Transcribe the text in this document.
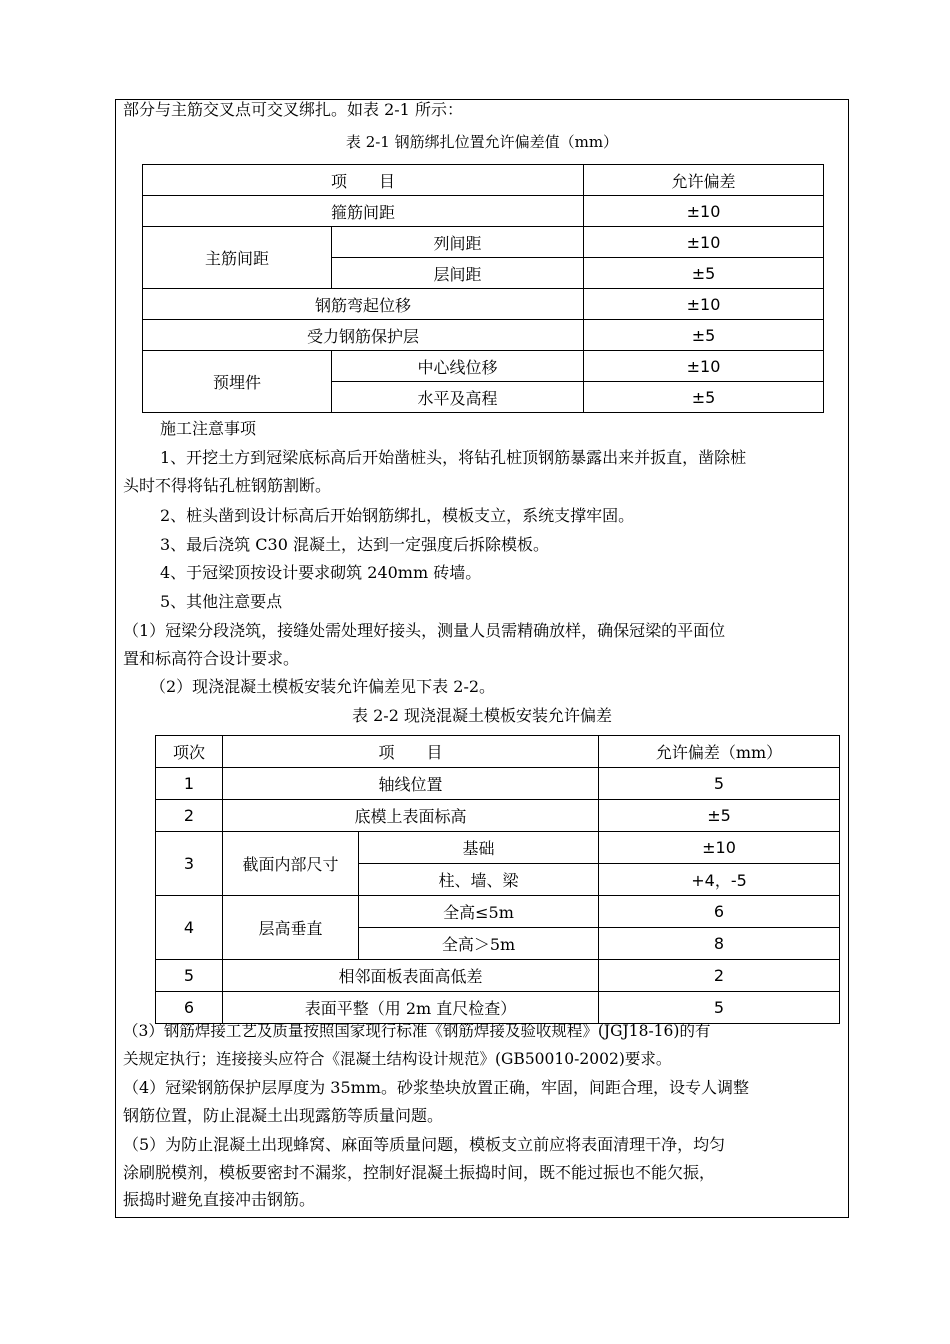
部分与主筋交叉点可交叉绑扎。如表 2-1 所示：
表 2-1 钢筋绑扎位置允许偏差值（mm）
项　　目		允许偏差
箍筋间距		±10
主筋间距	列间距	±10
	层间距	±5
钢筋弯起位移		±10
受力钢筋保护层		±5
预埋件	中心线位移	±10
	水平及高程	±5
施工注意事项
1、开挖土方到冠梁底标高后开始凿桩头，将钻孔桩顶钢筋暴露出来并扳直，凿除桩
头时不得将钻孔桩钢筋割断。
2、桩头凿到设计标高后开始钢筋绑扎，模板支立，系统支撑牢固。
3、最后浇筑 C30 混凝土，达到一定强度后拆除模板。
4、于冠梁顶按设计要求砌筑 240mm 砖墙。
5、其他注意要点
（1）冠梁分段浇筑，接缝处需处理好接头，测量人员需精确放样，确保冠梁的平面位
置和标高符合设计要求。
（2）现浇混凝土模板安装允许偏差见下表 2-2。
表 2-2 现浇混凝土模板安装允许偏差
项次	项　　目		允许偏差（mm）
1	轴线位置		5
2	底模上表面标高		±5
3	截面内部尺寸	基础	±10
		柱、墙、梁	+4，-5
4	层高垂直	全高≤5m	6
		全高＞5m	8
5	相邻面板表面高低差		2
6	表面平整（用 2m 直尺检查）		5
（3）钢筋焊接工艺及质量按照国家现行标准《钢筋焊接及验收规程》(JGJ18-16)的有
关规定执行；连接接头应符合《混凝土结构设计规范》(GB50010-2002)要求。
（4）冠梁钢筋保护层厚度为 35mm。砂浆垫块放置正确，牢固，间距合理，设专人调整
钢筋位置，防止混凝土出现露筋等质量问题。
（5）为防止混凝土出现蜂窝、麻面等质量问题，模板支立前应将表面清理干净，均匀
涂刷脱模剂，模板要密封不漏浆，控制好混凝土振捣时间，既不能过振也不能欠振，
振捣时避免直接冲击钢筋。
